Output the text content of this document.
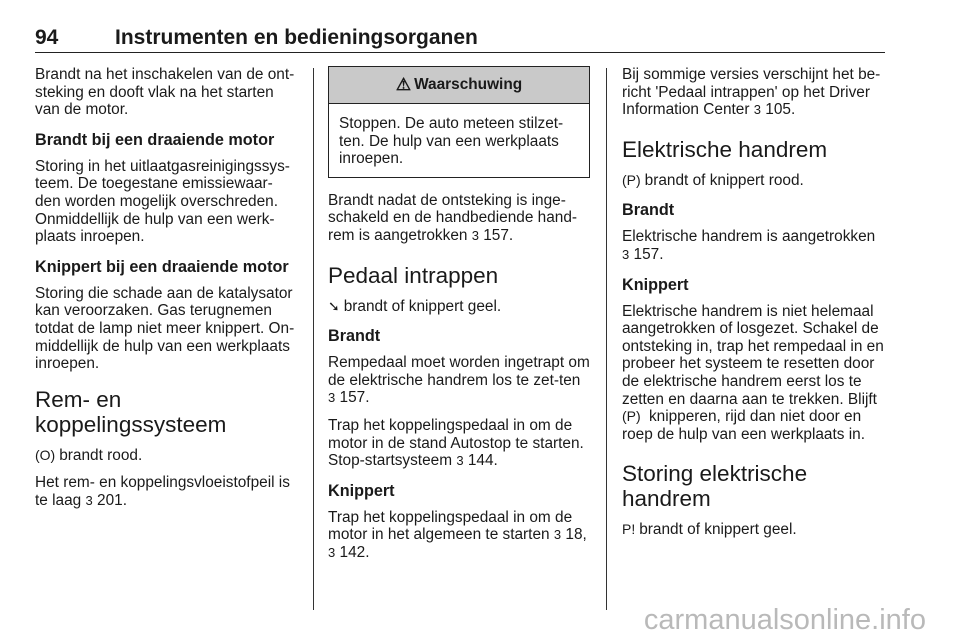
94	Instrumenten en bedieningsorganen

Brandt na het inschakelen van de ont-steking en dooft vlak na het starten van de motor.

Brandt bij een draaiende motor

Storing in het uitlaatgasreinigingssys-teem. De toegestane emissiewaar-den worden mogelijk overschreden. Onmiddellijk de hulp van een werk-plaats inroepen.

Knippert bij een draaiende motor

Storing die schade aan de katalysator kan veroorzaken. Gas terugnemen totdat de lamp niet meer knippert. On-middellijk de hulp van een werkplaats inroepen.

Rem- en
koppelingssysteem

(O) brandt rood.

Het rem- en koppelingsvloeistofpeil is te laag 3 201.

⚠ Waarschuwing
Stoppen. De auto meteen stilzet-ten. De hulp van een werkplaats inroepen.

Brandt nadat de ontsteking is inge-schakeld en de handbediende hand-rem is aangetrokken 3 157.

Pedaal intrappen

➘ brandt of knippert geel.

Brandt

Rempedaal moet worden ingetrapt om de elektrische handrem los te zet-ten 3 157.

Trap het koppelingspedaal in om de motor in de stand Autostop te starten. Stop-startsysteem 3 144.

Knippert

Trap het koppelingspedaal in om de motor in het algemeen te starten 3 18, 3 142.

Bij sommige versies verschijnt het be-richt 'Pedaal intrappen' op het Driver Information Center 3 105.

Elektrische handrem

(P) brandt of knippert rood.

Brandt

Elektrische handrem is aangetrokken 3 157.

Knippert

Elektrische handrem is niet helemaal aangetrokken of losgezet. Schakel de ontsteking in, trap het rempedaal in en probeer het systeem te resetten door de elektrische handrem eerst los te zetten en daarna aan te trekken. Blijft (P) knipperen, rijd dan niet door en roep de hulp van een werkplaats in.

Storing elektrische handrem

P! brandt of knippert geel.

carmanualsonline.info
